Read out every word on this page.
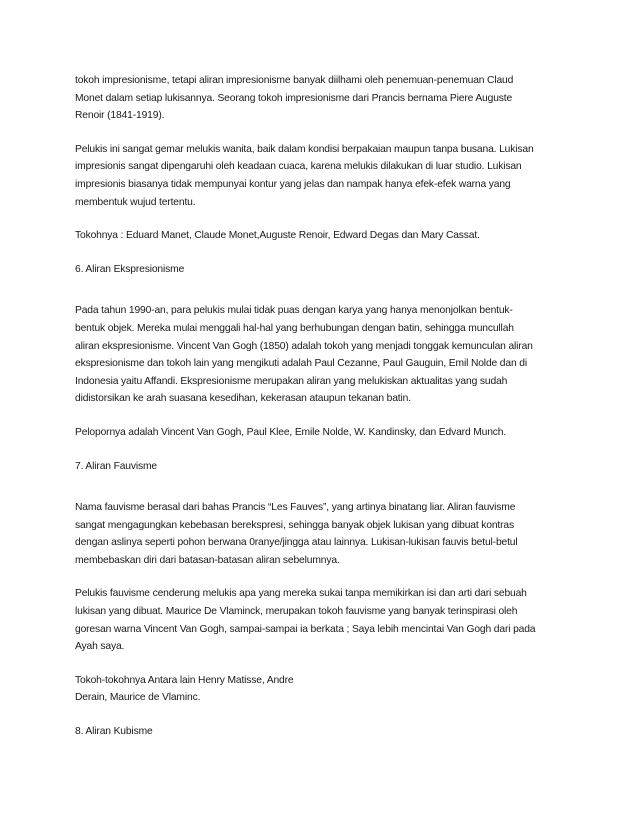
tokoh impresionisme, tetapi aliran impresionisme banyak diilhami oleh penemuan-penemuan Claud

Monet dalam setiap lukisannya. Seorang tokoh impresionisme dari Prancis bernama Piere Auguste

Renoir (1841-1919).

Pelukis ini sangat gemar melukis wanita, baik dalam kondisi berpakaian maupun tanpa busana. Lukisan

impresionis sangat dipengaruhi oleh keadaan cuaca, karena melukis dilakukan di luar studio. Lukisan

impresionis biasanya tidak mempunyai kontur yang jelas dan nampak hanya efek-efek warna yang

membentuk wujud tertentu.

Tokohnya : Eduard Manet, Claude Monet,Auguste Renoir, Edward Degas dan Mary Cassat.

6. Aliran Ekspresionisme

Pada tahun 1990-an, para pelukis mulai tidak puas dengan karya yang hanya menonjolkan bentuk-

bentuk objek. Mereka mulai menggali hal-hal yang berhubungan dengan batin, sehingga muncullah

aliran ekspresionisme. Vincent Van Gogh (1850) adalah tokoh yang menjadi tonggak kemunculan aliran

ekspresionisme dan tokoh lain yang mengikuti adalah Paul Cezanne, Paul Gauguin, Emil Nolde dan di

Indonesia yaitu Affandi. Ekspresionisme merupakan aliran yang melukiskan aktualitas yang sudah

didistorsikan ke arah suasana kesedihan, kekerasan ataupun tekanan batin.

Pelopornya adalah Vincent Van Gogh, Paul Klee, Emile Nolde, W. Kandinsky, dan Edvard Munch.

7. Aliran Fauvisme

Nama fauvisme berasal dari bahas Prancis “Les Fauves”, yang artinya binatang liar. Aliran fauvisme

sangat mengagungkan kebebasan berekspresi, sehingga banyak objek lukisan yang dibuat kontras

dengan aslinya seperti pohon berwana 0ranye/jingga atau lainnya. Lukisan-lukisan fauvis betul-betul

membebaskan diri dari batasan-batasan aliran sebelumnya.

Pelukis fauvisme cenderung melukis apa yang mereka sukai tanpa memikirkan isi dan arti dari sebuah

lukisan yang dibuat. Maurice De Vlaminck, merupakan tokoh fauvisme yang banyak terinspirasi oleh

goresan warna Vincent Van Gogh, sampai-sampai ia berkata ; Saya lebih mencintai Van Gogh dari pada

Ayah saya.

Tokoh-tokohnya Antara lain Henry Matisse, Andre

Derain, Maurice de Vlaminc.

8. Aliran Kubisme
